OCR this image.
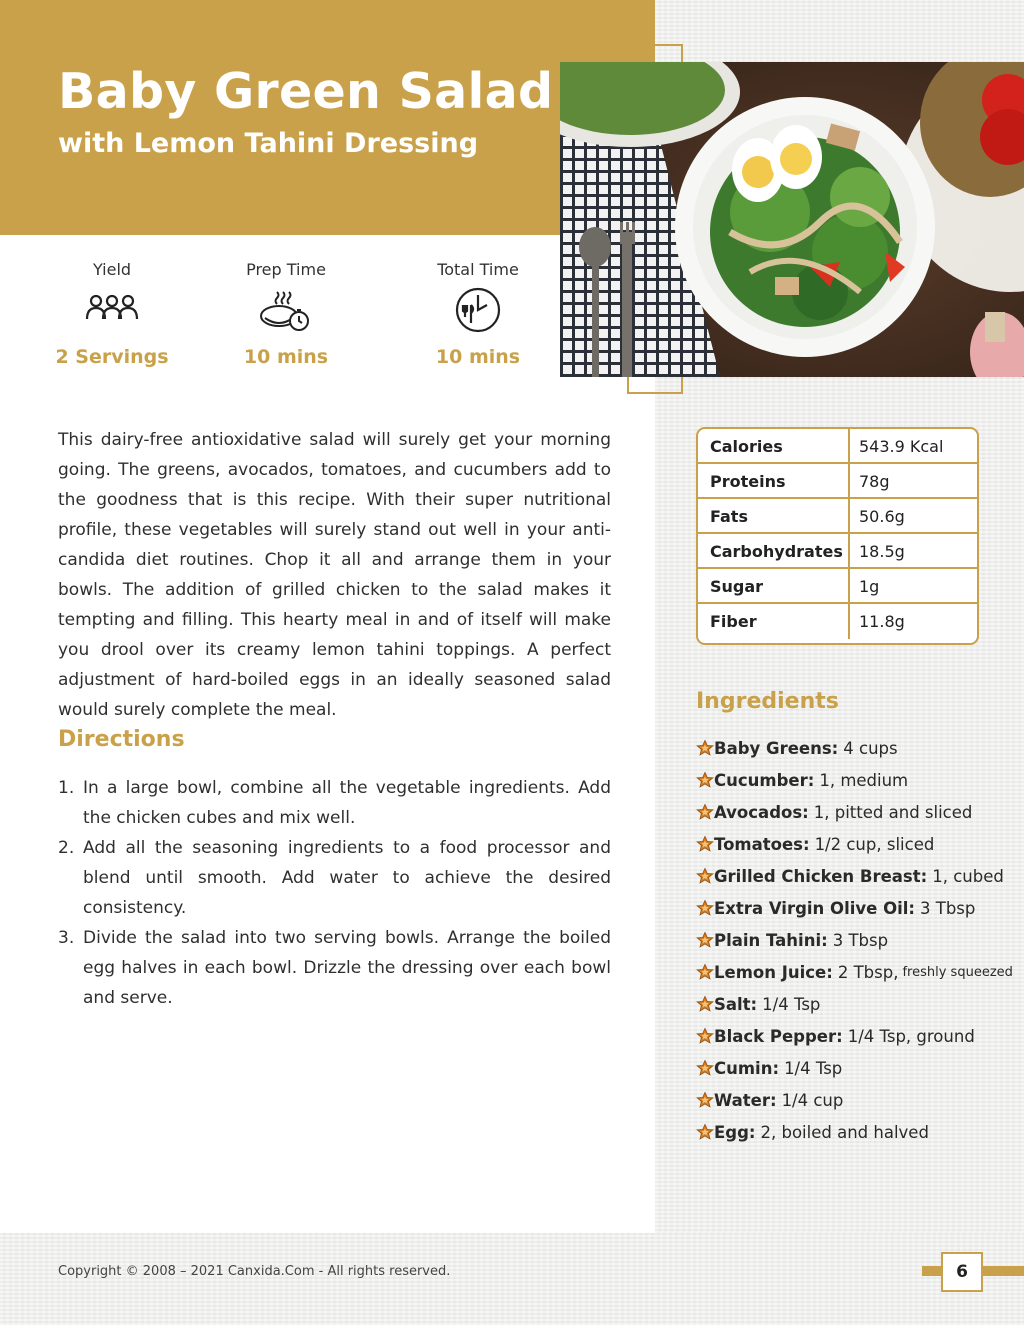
Baby Green Salad
with Lemon Tahini Dressing
Yield
2 Servings
Prep Time
10 mins
Total Time
10 mins

This dairy-free antioxidative salad will surely get your morning going. The greens, avocados, tomatoes, and cucumbers add to the goodness that is this recipe. With their super nutritional profile, these vegetables will surely stand out well in your anti-candida diet routines. Chop it all and arrange them in your bowls. The addition of grilled chicken to the salad makes it tempting and filling. This hearty meal in and of itself will make you drool over its creamy lemon tahini toppings. A perfect adjustment of hard-boiled eggs in an ideally seasoned salad would surely complete the meal.

Directions
1. In a large bowl, combine all the vegetable ingredients. Add the chicken cubes and mix well.
2. Add all the seasoning ingredients to a food processor and blend until smooth. Add water to achieve the desired consistency.
3. Divide the salad into two serving bowls. Arrange the boiled egg halves in each bowl. Drizzle the dressing over each bowl and serve.
Calories	543.9 Kcal
Proteins	78g
Fats	50.6g
Carbohydrates	18.5g
Sugar	1g
Fiber	11.8g
Ingredients
Baby Greens: 4 cups
Cucumber: 1, medium
Avocados: 1, pitted and sliced
Tomatoes: 1/2 cup, sliced
Grilled Chicken Breast: 1, cubed
Extra Virgin Olive Oil: 3 Tbsp
Plain Tahini: 3 Tbsp
Lemon Juice: 2 Tbsp, freshly squeezed
Salt: 1/4 Tsp
Black Pepper: 1/4 Tsp, ground
Cumin: 1/4 Tsp
Water: 1/4 cup
Egg: 2, boiled and halved
Copyright © 2008 – 2021 Canxida.Com - All rights reserved.	6
